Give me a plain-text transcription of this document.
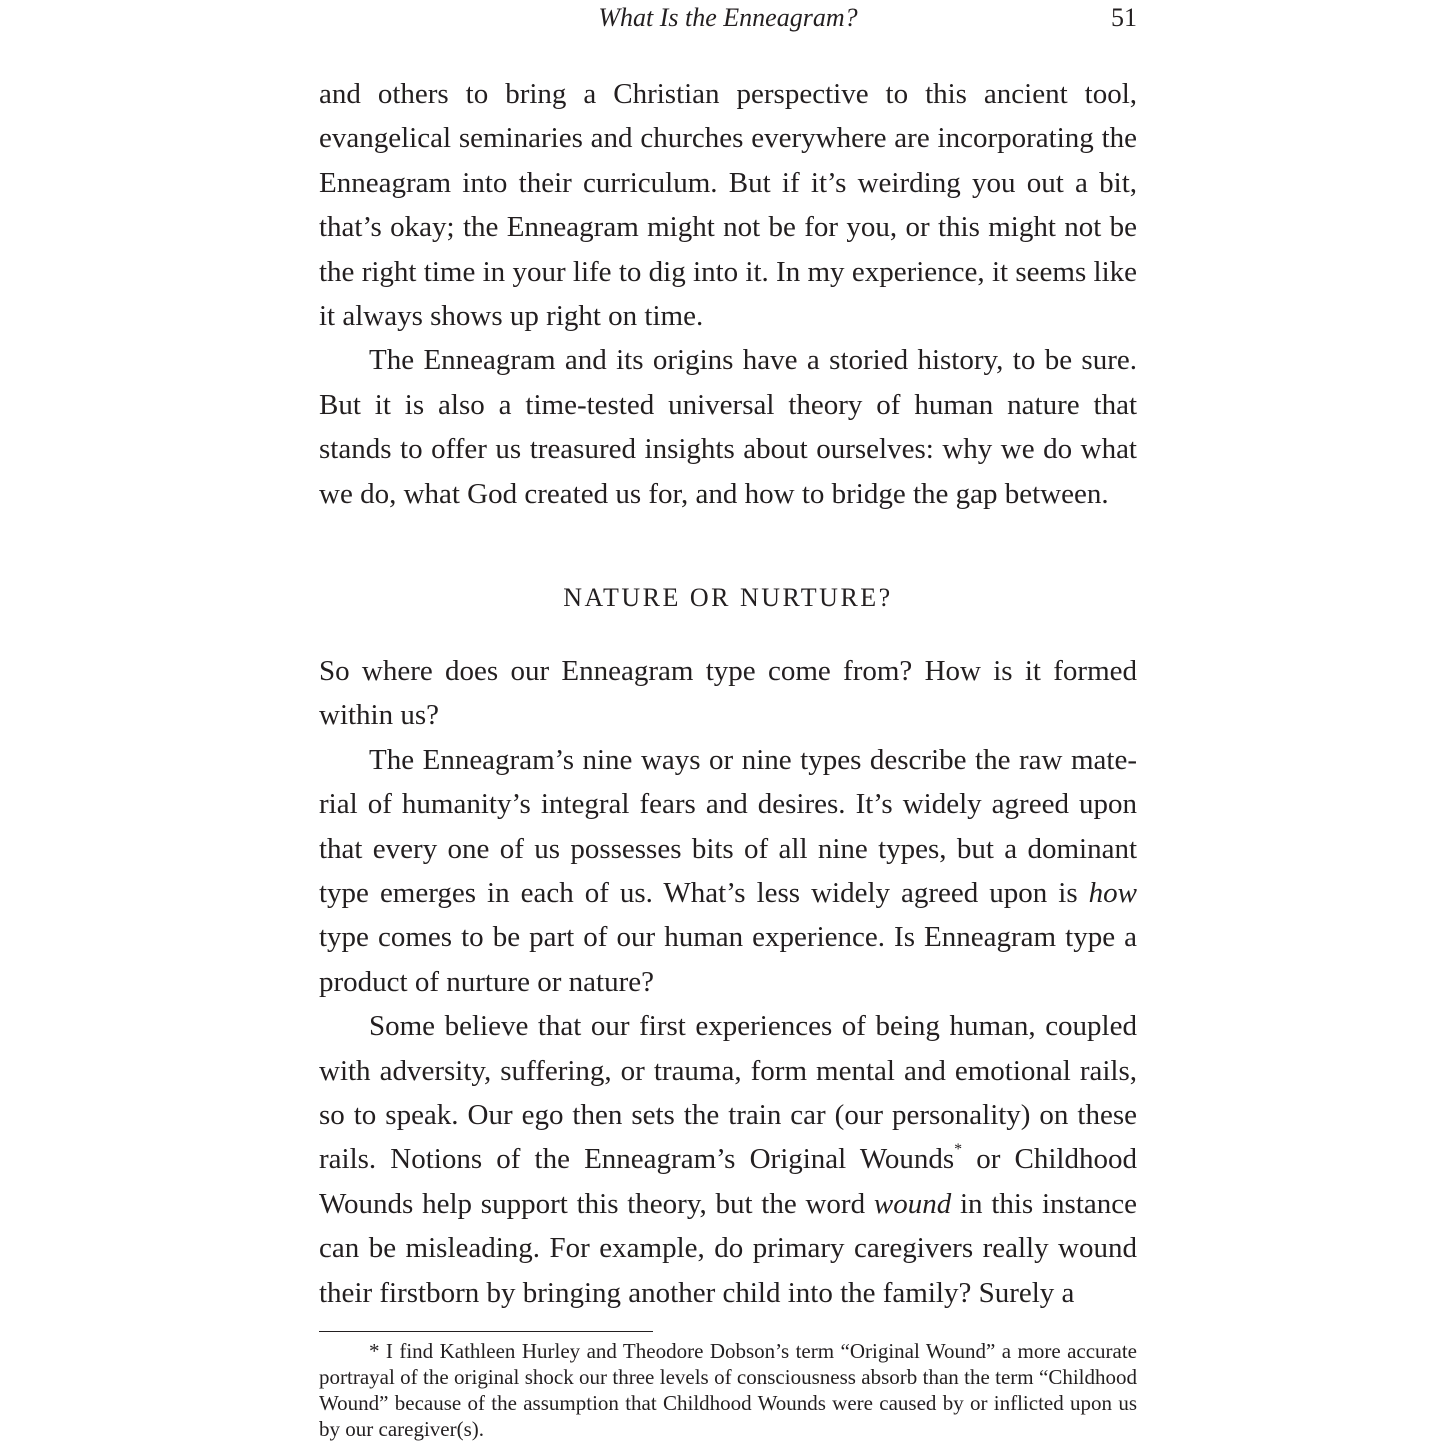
What Is the Enneagram?	51

and others to bring a Christian perspective to this ancient tool, evangelical seminaries and churches everywhere are incorporating the Enneagram into their curriculum. But if it’s weirding you out a bit, that’s okay; the Enneagram might not be for you, or this might not be the right time in your life to dig into it. In my experience, it seems like it always shows up right on time.

The Enneagram and its origins have a storied history, to be sure. But it is also a time-tested universal theory of human nature that stands to offer us treasured insights about ourselves: why we do what we do, what God created us for, and how to bridge the gap between.

NATURE OR NURTURE?

So where does our Enneagram type come from? How is it formed within us?

The Enneagram’s nine ways or nine types describe the raw material of humanity’s integral fears and desires. It’s widely agreed upon that every one of us possesses bits of all nine types, but a dominant type emerges in each of us. What’s less widely agreed upon is how type comes to be part of our human experience. Is Enneagram type a product of nurture or nature?

Some believe that our first experiences of being human, coupled with adversity, suffering, or trauma, form mental and emotional rails, so to speak. Our ego then sets the train car (our personality) on these rails. Notions of the Enneagram’s Original Wounds* or Childhood Wounds help support this theory, but the word wound in this instance can be misleading. For example, do primary caregivers really wound their firstborn by bringing another child into the family? Surely a

* I find Kathleen Hurley and Theodore Dobson’s term “Original Wound” a more accurate portrayal of the original shock our three levels of consciousness absorb than the term “Childhood Wound” because of the assumption that Childhood Wounds were caused by or inflicted upon us by our caregiver(s).
